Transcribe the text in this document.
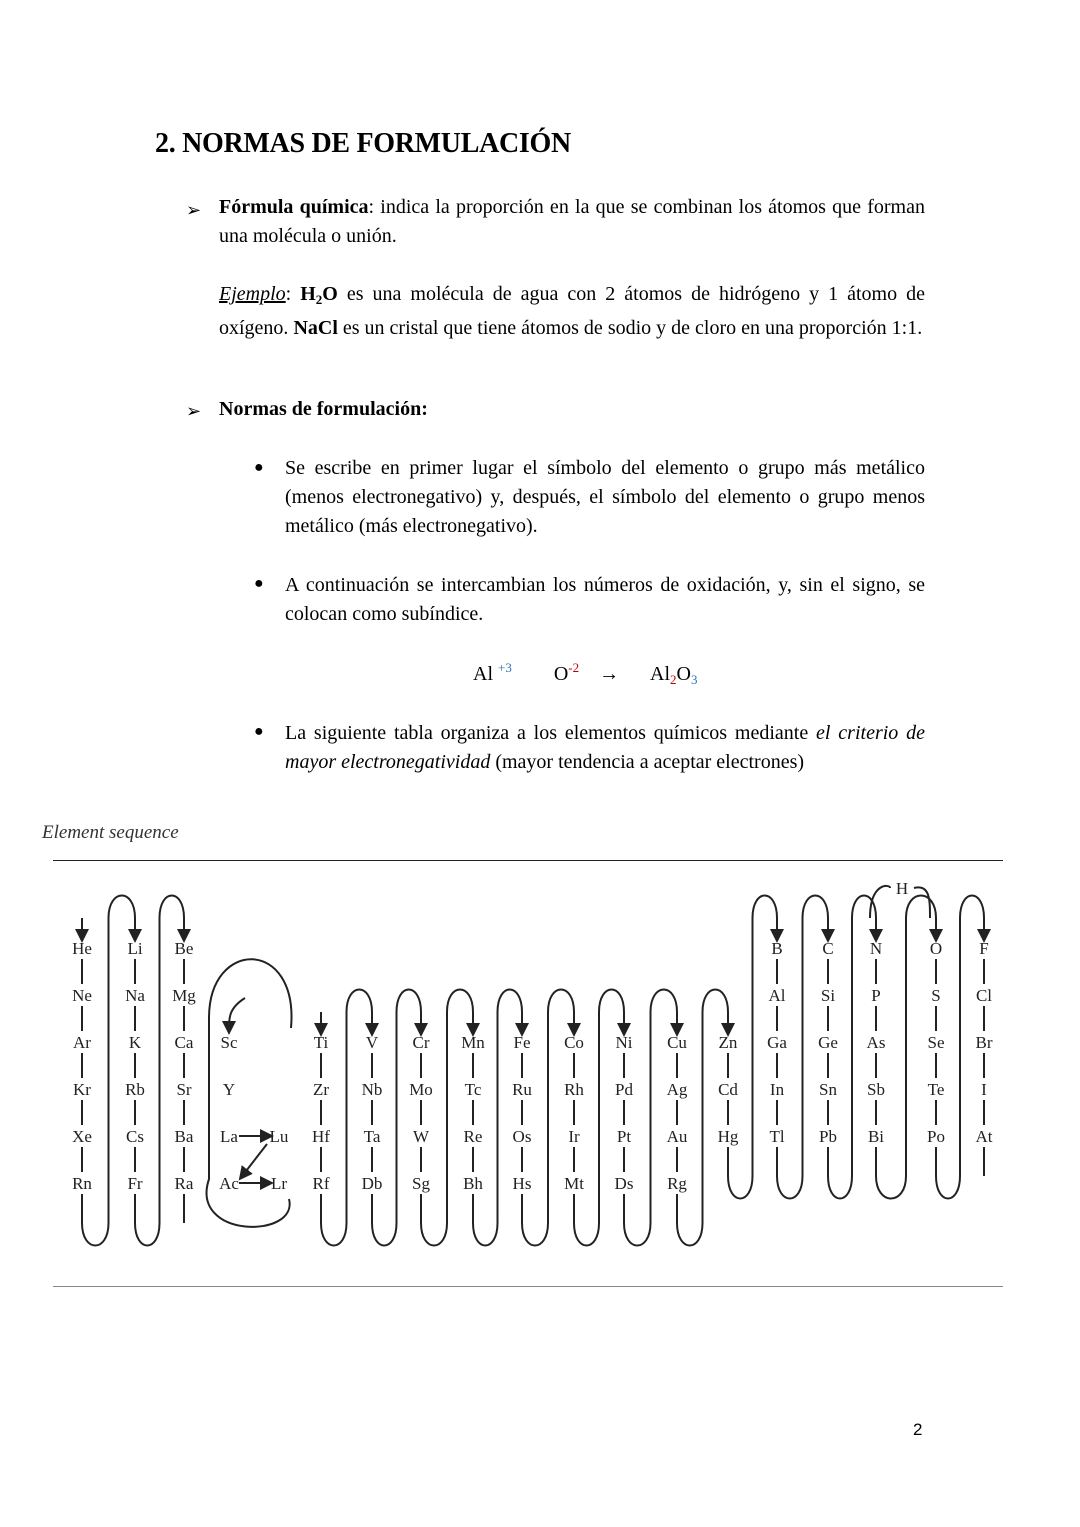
2. NORMAS DE FORMULACIÓN
➢ Fórmula química: indica la proporción en la que se combinan los átomos que forman una molécula o unión.

Ejemplo: $H_2O$ es una molécula de agua con 2 átomos de hidrógeno y 1 átomo de oxígeno. NaCl es un cristal que tiene átomos de sodio y de cloro en una proporción 1:1.

➢ Normas de formulación:

● Se escribe en primer lugar el símbolo del elemento o grupo más metálico (menos electronegativo) y, después, el símbolo del elemento o grupo menos metálico (más electronegativo).

● A continuación se intercambian los números de oxidación, y, sin el signo, se colocan como subíndice.

Al $^{+3}$ $O^{-2} \to Al_2O_3$
● La siguiente tabla organiza a los elementos químicos mediante el criterio de mayor electronegatividad (mayor tendencia a aceptar electrones)

Element sequence
He
Ne
Ar
Kr
Xe
Rn
Li
Na
K
Rb
Cs
Fr
Be
Mg
Ca
Sr
Ba
Ra
Ti
Zr
Hf
Rf
V
Nb
Ta
Db
Cr
Mo
W
Sg
Mn
Tc
Re
Bh
Fe
Ru
Os
Hs
Co
Rh
Ir
Mt
Ni
Pd
Pt
Ds
Cu
Ag
Au
Rg
Zn
Cd
Hg
B
Al
Ga
In
Tl
C
Si
Ge
Sn
Pb
N
P
As
Sb
Bi
O
S
Se
Te
Po
F
Cl
Br
I
At
Sc
Y
La
Ac
Lu
Lr
H
2
